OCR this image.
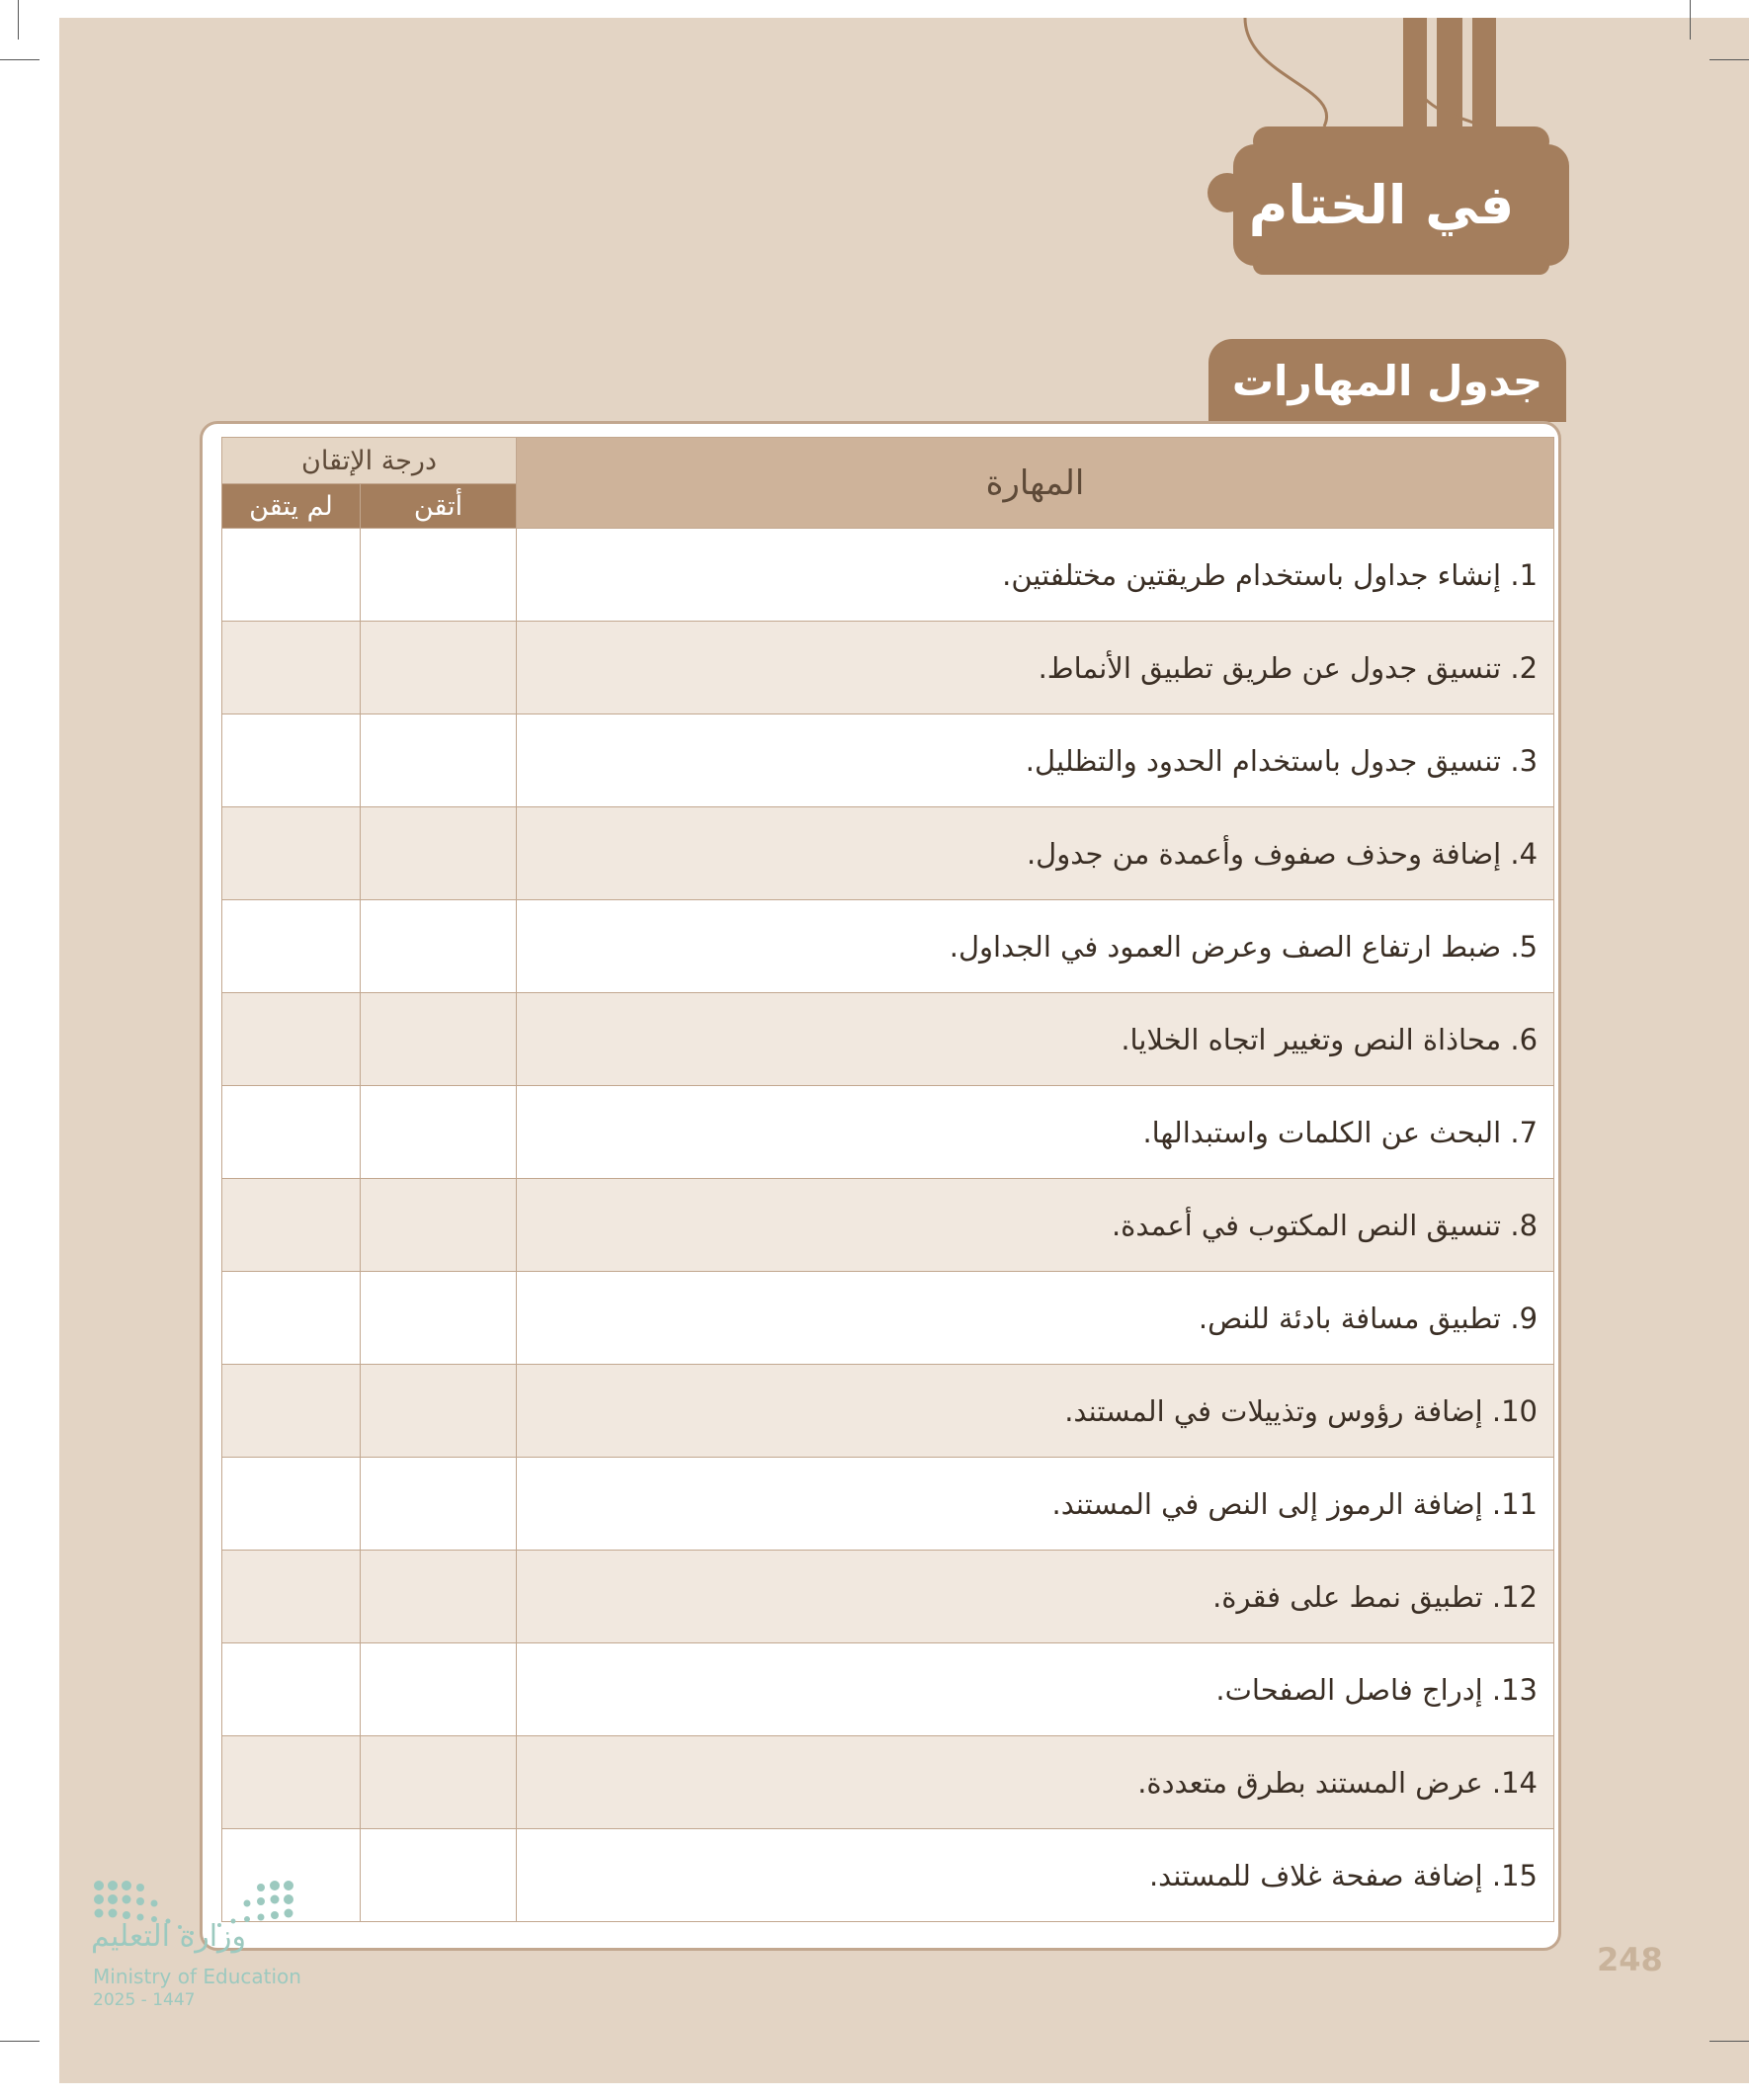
في الختام
جدول المهارات
درجة الإتقان		المهارة
لم يتقن	أتقن	
		1. إنشاء جداول باستخدام طريقتين مختلفتين.
		2. تنسيق جدول عن طريق تطبيق الأنماط.
		3. تنسيق جدول باستخدام الحدود والتظليل.
		4. إضافة وحذف صفوف وأعمدة من جدول.
		5. ضبط ارتفاع الصف وعرض العمود في الجداول.
		6. محاذاة النص وتغيير اتجاه الخلايا.
		7. البحث عن الكلمات واستبدالها.
		8. تنسيق النص المكتوب في أعمدة.
		9. تطبيق مسافة بادئة للنص.
		10. إضافة رؤوس وتذييلات في المستند.
		11. إضافة الرموز إلى النص في المستند.
		12. تطبيق نمط على فقرة.
		13. إدراج فاصل الصفحات.
		14. عرض المستند بطرق متعددة.
		15. إضافة صفحة غلاف للمستند.
وزارة التعليم
Ministry of Education
2025 - 1447
248
